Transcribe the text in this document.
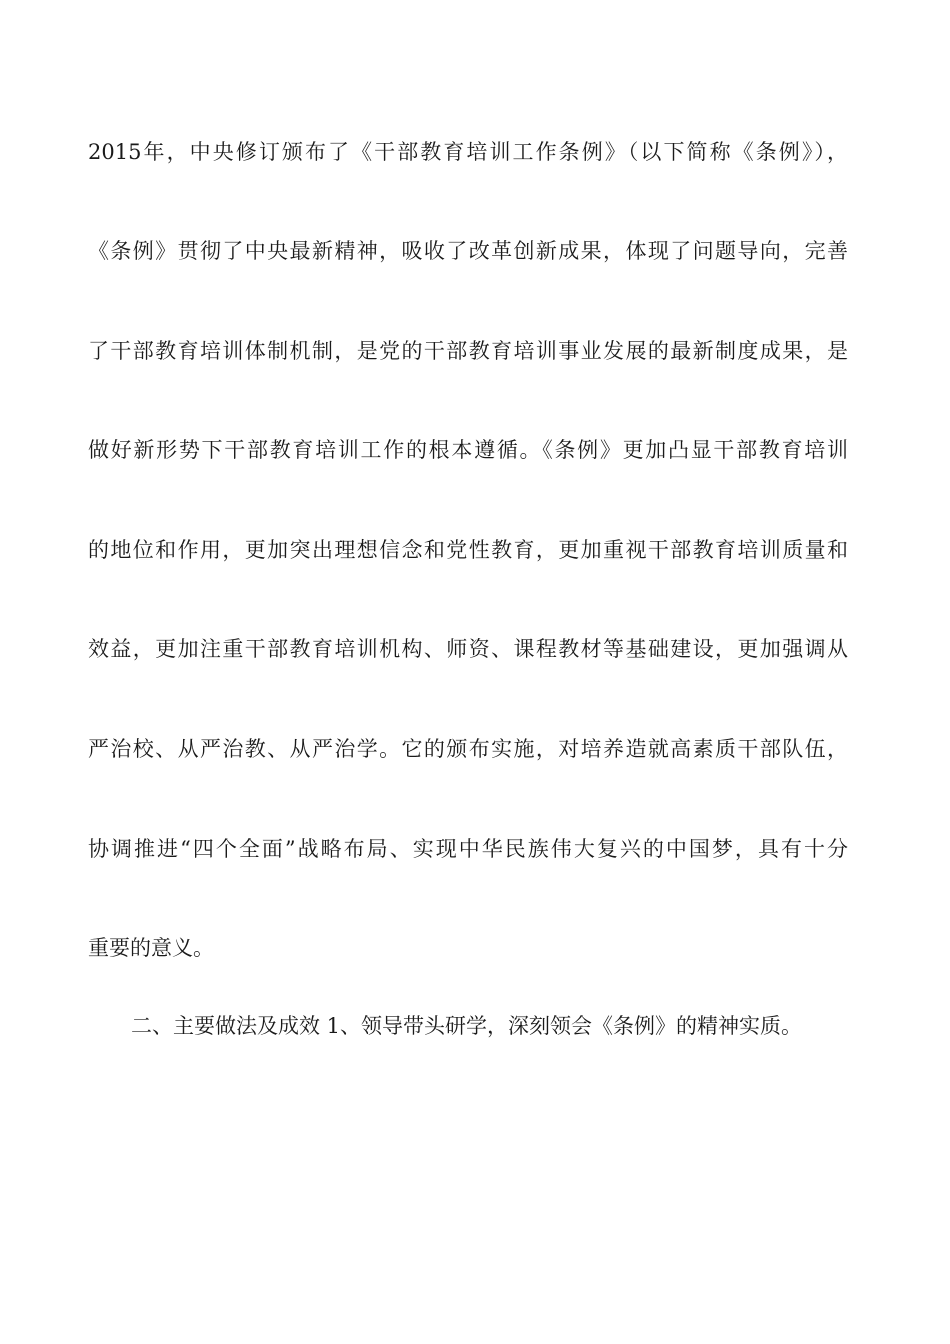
2015年，中央修订颁布了《干部教育培训工作条例》（以下简称《条例》），
《条例》贯彻了中央最新精神，吸收了改革创新成果，体现了问题导向，完善
了干部教育培训体制机制，是党的干部教育培训事业发展的最新制度成果，是
做好新形势下干部教育培训工作的根本遵循。《条例》更加凸显干部教育培训
的地位和作用，更加突出理想信念和党性教育，更加重视干部教育培训质量和
效益，更加注重干部教育培训机构、师资、课程教材等基础建设，更加强调从
严治校、从严治教、从严治学。它的颁布实施，对培养造就高素质干部队伍，
协调推进“四个全面”战略布局、实现中华民族伟大复兴的中国梦，具有十分
重要的意义。
二、主要做法及成效 1、领导带头研学，深刻领会《条例》的精神实质。
